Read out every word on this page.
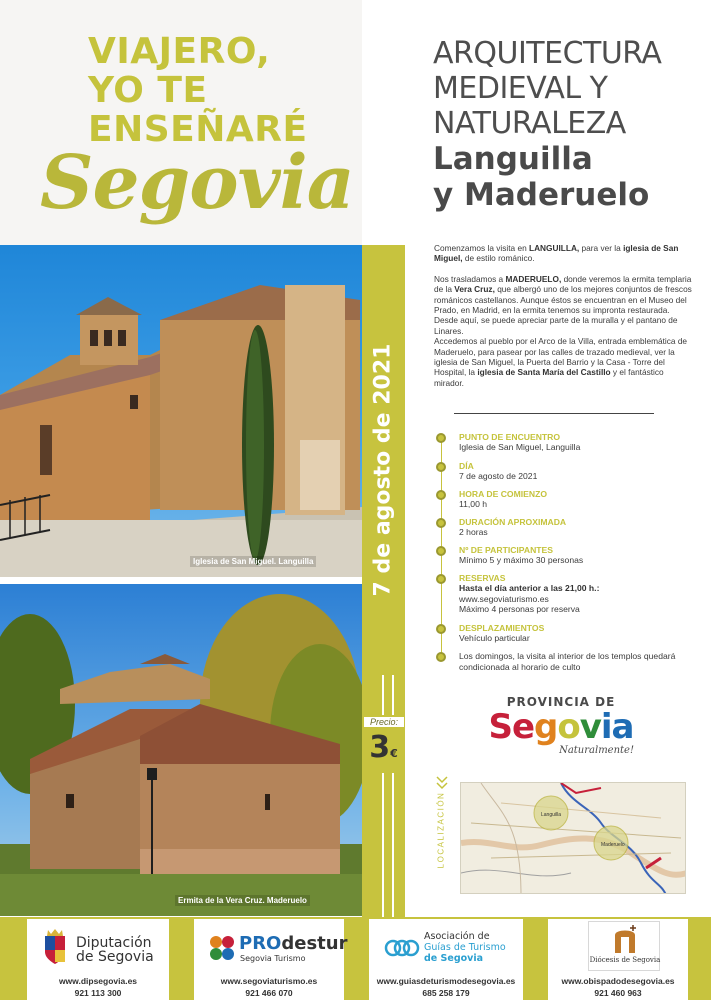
VIAJERO,
YO TE
ENSEÑARÉ
Segovia
ARQUITECTURA
MEDIEVAL Y
NATURALEZA
Languilla
y Maderuelo
Iglesia de San Miguel. Languilla
Ermita de la Vera Cruz. Maderuelo
7 de agosto de 2021
Precio:
3€

Comenzamos la visita en LANGUILLA, para ver la iglesia de San Miguel, de estilo románico.

Nos trasladamos a MADERUELO, donde veremos la ermita templaria de la Vera Cruz, que albergó uno de los mejores conjuntos de frescos románicos castellanos. Aunque éstos se encuentran en el Museo del Prado, en Madrid, en la ermita tenemos su impronta restaurada.
Desde aquí, se puede apreciar parte de la muralla y el pantano de Linares.
Accedemos al pueblo por el Arco de la Villa, entrada emblemática de Maderuelo, para pasear por las calles de trazado medieval, ver la iglesia de San Miguel, la Puerta del Barrio y la Casa - Torre del Hospital, la iglesia de Santa María del Castillo y el fantástico mirador.

PUNTO DE ENCUENTRO
Iglesia de San Miguel, Languilla
DÍA
7 de agosto de 2021
HORA DE COMIENZO
11,00 h
DURACIÓN APROXIMADA
2 horas
Nº DE PARTICIPANTES
Mínimo 5 y máximo 30 personas
RESERVAS
Hasta el día anterior a las 21,00 h.:
www.segoviaturismo.es
Máximo 4 personas por reserva
DESPLAZAMIENTOS
Vehículo particular
Los domingos, la visita al interior de los templos quedará condicionada al horario de culto
PROVINCIA DE
Segovia
Naturalmente!
LOCALIZACIÓN	Languilla
Maderuelo
Diputación
de Segovia
www.dipsegovia.es
921 113 300
PROdestur
Segovia Turismo
www.segoviaturismo.es
921 466 070
Asociación de
Guías de Turismo
de Segovia
www.guiasdeturismodesegovia.es
685 258 179
Diócesis de Segovia
www.obispadodesegovia.es
921 460 963
